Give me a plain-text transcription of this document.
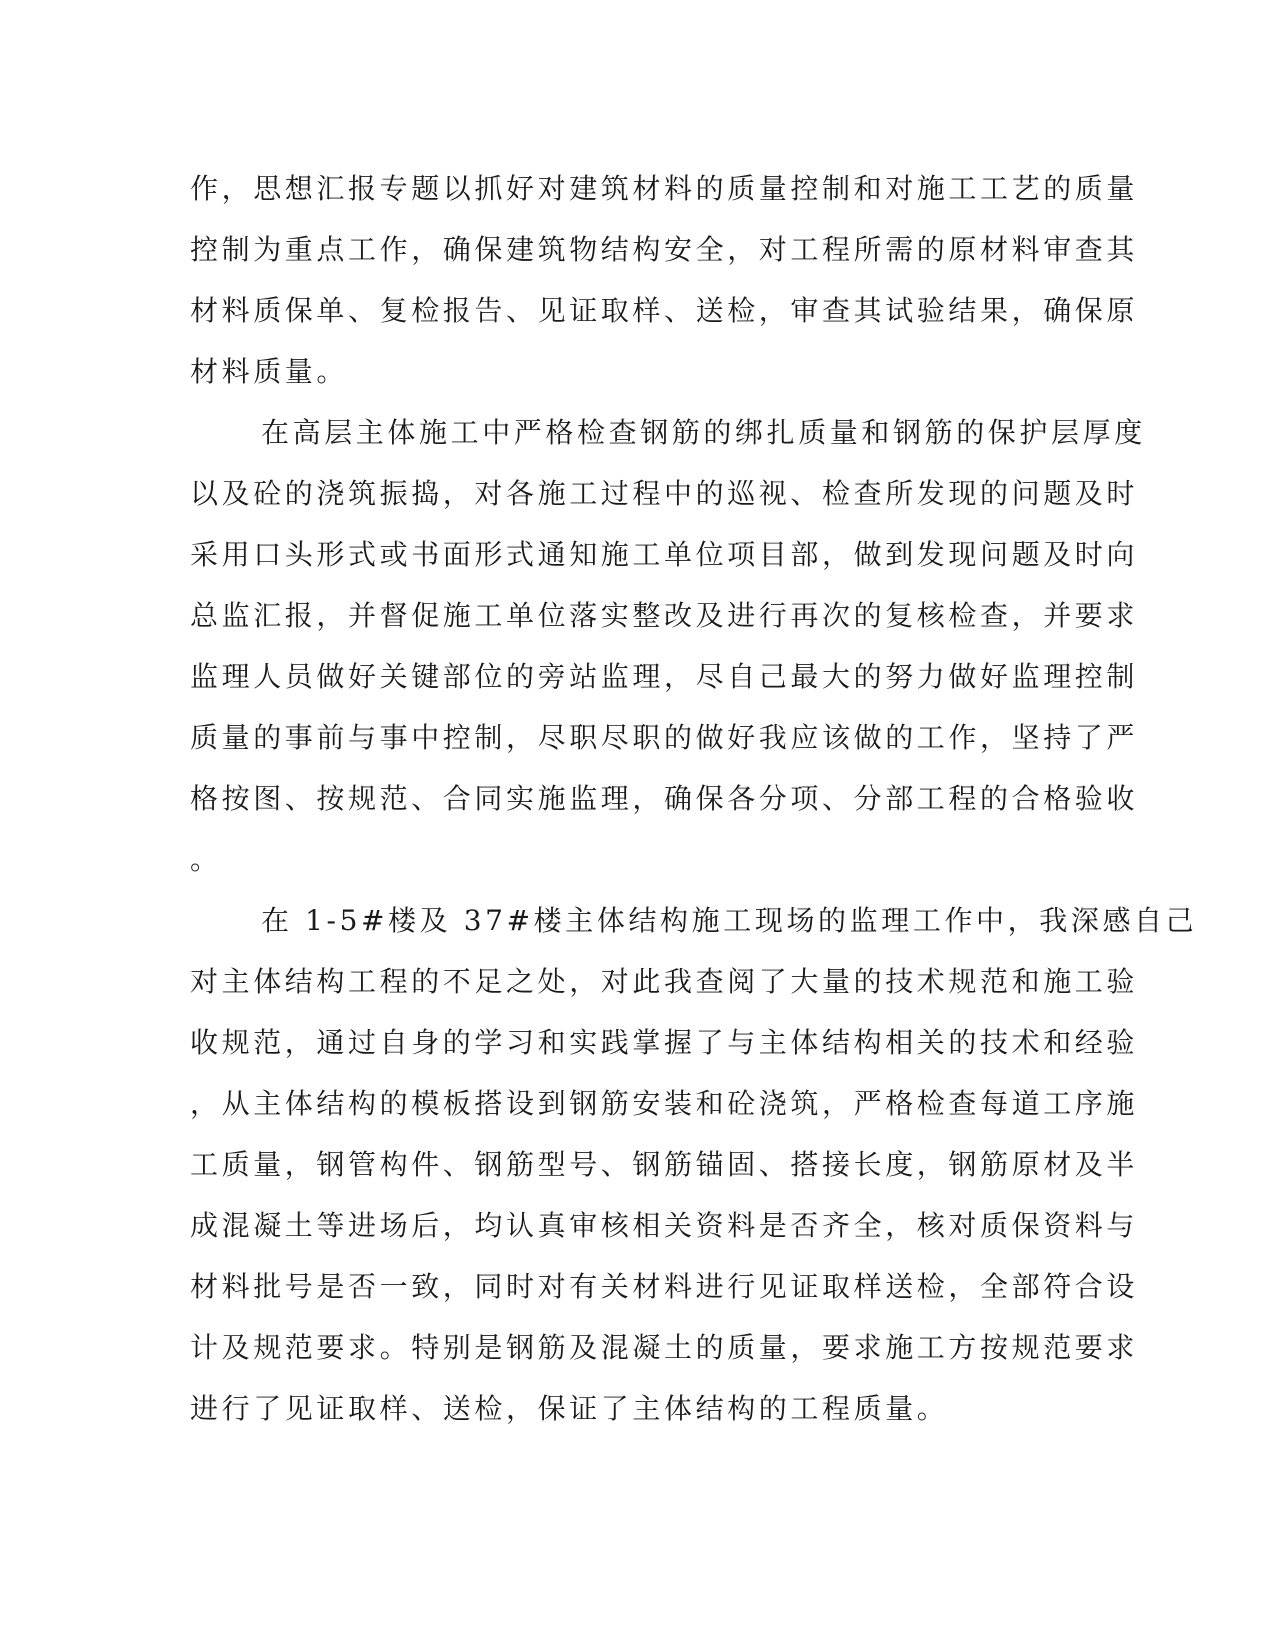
作，思想汇报专题以抓好对建筑材料的质量控制和对施工工艺的质量
控制为重点工作，确保建筑物结构安全，对工程所需的原材料审查其
材料质保单、复检报告、见证取样、送检，审查其试验结果，确保原
材料质量。
在高层主体施工中严格检查钢筋的绑扎质量和钢筋的保护层厚度
以及砼的浇筑振捣，对各施工过程中的巡视、检查所发现的问题及时
采用口头形式或书面形式通知施工单位项目部，做到发现问题及时向
总监汇报，并督促施工单位落实整改及进行再次的复核检查，并要求
监理人员做好关键部位的旁站监理，尽自己最大的努力做好监理控制
质量的事前与事中控制，尽职尽职的做好我应该做的工作，坚持了严
格按图、按规范、合同实施监理，确保各分项、分部工程的合格验收
。
在 1-5#楼及 37#楼主体结构施工现场的监理工作中，我深感自己
对主体结构工程的不足之处，对此我查阅了大量的技术规范和施工验
收规范，通过自身的学习和实践掌握了与主体结构相关的技术和经验
，从主体结构的模板搭设到钢筋安装和砼浇筑，严格检查每道工序施
工质量，钢管构件、钢筋型号、钢筋锚固、搭接长度，钢筋原材及半
成混凝土等进场后，均认真审核相关资料是否齐全，核对质保资料与
材料批号是否一致，同时对有关材料进行见证取样送检，全部符合设
计及规范要求。特别是钢筋及混凝土的质量，要求施工方按规范要求
进行了见证取样、送检，保证了主体结构的工程质量。
